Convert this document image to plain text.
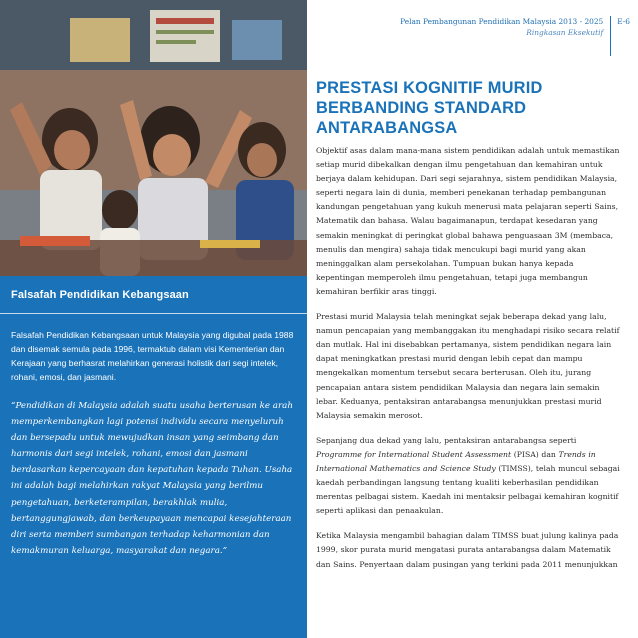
Pelan Pembangunan Pendidikan Malaysia 2013 - 2025
Ringkasan Eksekutif
E-6
Falsafah Pendidikan Kebangsaan

Falsafah Pendidikan Kebangsaan untuk Malaysia yang digubal pada 1988 dan disemak semula pada 1996, termaktub dalam visi Kementerian dan Kerajaan yang berhasrat melahirkan generasi holistik dari segi intelek, rohani, emosi, dan jasmani.

“Pendidikan di Malaysia adalah suatu usaha berterusan ke arah memperkembangkan lagi potensi individu secara menyeluruh dan bersepadu untuk mewujudkan insan yang seimbang dan harmonis dari segi intelek, rohani, emosi dan jasmani berdasarkan kepercayaan dan kepatuhan kepada Tuhan. Usaha ini adalah bagi melahirkan rakyat Malaysia yang berilmu pengetahuan, berketerampilan, berakhlak mulia, bertanggungjawab, dan berkeupayaan mencapai kesejahteraan diri serta memberi sumbangan terhadap keharmonian dan kemakmuran keluarga, masyarakat dan negara.”

PRESTASI KOGNITIF MURID BERBANDING STANDARD ANTARABANGSA

Objektif asas dalam mana-mana sistem pendidikan adalah untuk memastikan setiap murid dibekalkan dengan ilmu pengetahuan dan kemahiran untuk berjaya dalam kehidupan. Dari segi sejarahnya, sistem pendidikan Malaysia, seperti negara lain di dunia, memberi penekanan terhadap pembangunan kandungan pengetahuan yang kukuh menerusi mata pelajaran seperti Sains, Matematik dan bahasa. Walau bagaimanapun, terdapat kesedaran yang semakin meningkat di peringkat global bahawa penguasaan 3M (membaca, menulis dan mengira) sahaja tidak mencukupi bagi murid yang akan meninggalkan alam persekolahan. Tumpuan bukan hanya kepada kepentingan memperoleh ilmu pengetahuan, tetapi juga membangun kemahiran berfikir aras tinggi.

Prestasi murid Malaysia telah meningkat sejak beberapa dekad yang lalu, namun pencapaian yang membanggakan itu menghadapi risiko secara relatif dan mutlak. Hal ini disebabkan pertamanya, sistem pendidikan negara lain dapat meningkatkan prestasi murid dengan lebih cepat dan mampu mengekalkan momentum tersebut secara berterusan. Oleh itu, jurang pencapaian antara sistem pendidikan Malaysia dan negara lain semakin lebar. Keduanya, pentaksiran antarabangsa menunjukkan prestasi murid Malaysia semakin merosot.

Sepanjang dua dekad yang lalu, pentaksiran antarabangsa seperti Programme for International Student Assessment (PISA) dan Trends in International Mathematics and Science Study (TIMSS), telah muncul sebagai kaedah perbandingan langsung tentang kualiti keberhasilan pendidikan merentas pelbagai sistem. Kaedah ini mentaksir pelbagai kemahiran kognitif seperti aplikasi dan penaakulan.

Ketika Malaysia mengambil bahagian dalam TIMSS buat julung kalinya pada 1999, skor purata murid mengatasi purata antarabangsa dalam Matematik dan Sains. Penyertaan dalam pusingan yang terkini pada 2011 menunjukkan
